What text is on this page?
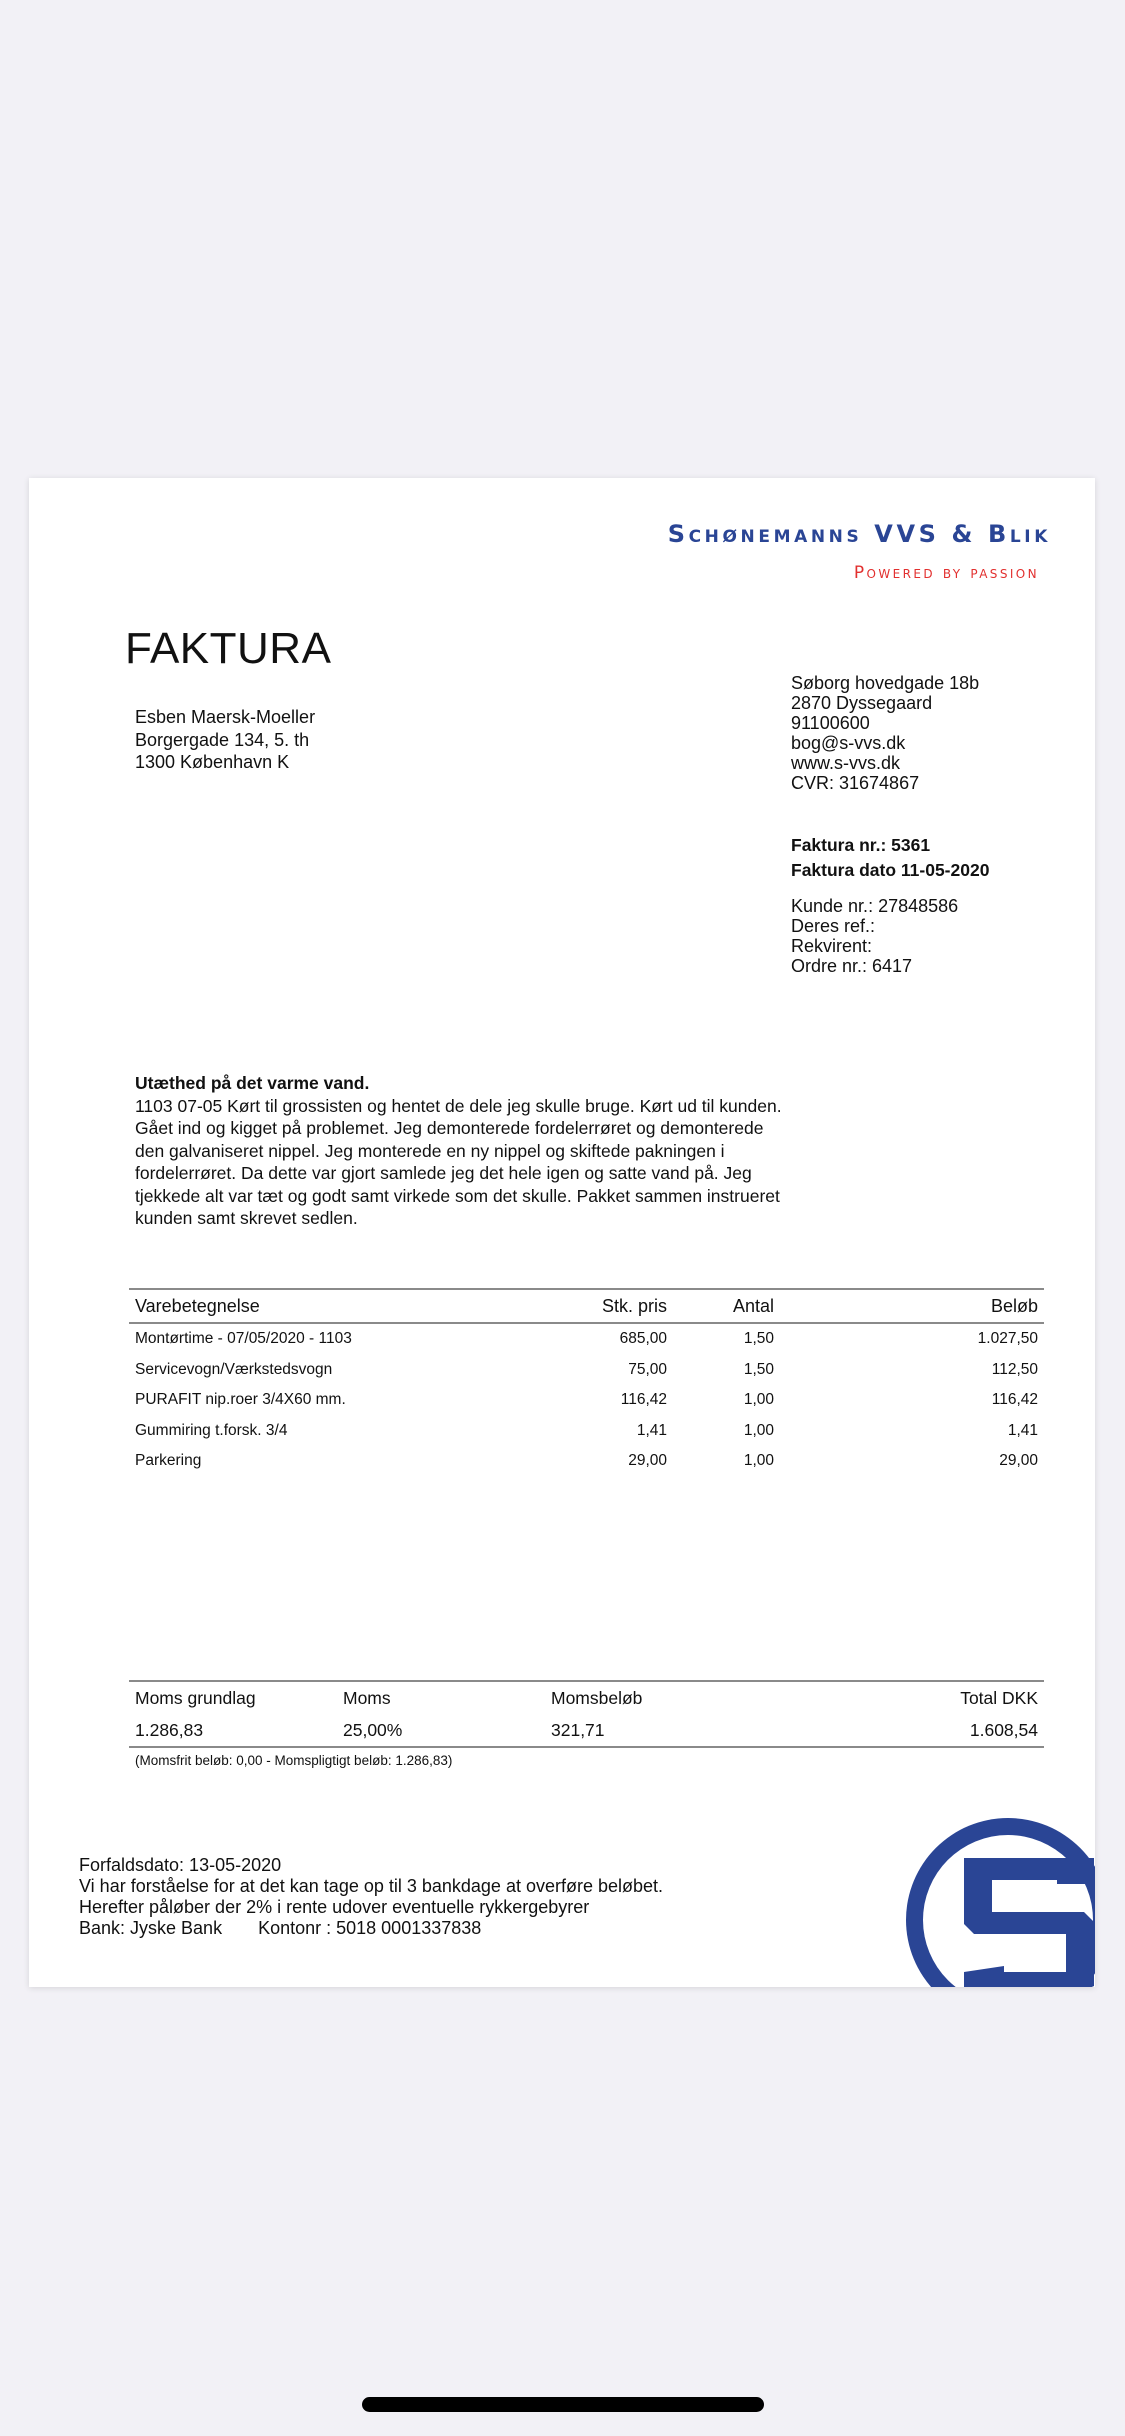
Schønemanns VVS & Blik
Powered by passion
FAKTURA
Esben Maersk-Moeller
Borgergade 134, 5. th
1300 København K
Søborg hovedgade 18b
2870 Dyssegaard
91100600
bog@s-vvs.dk
www.s-vvs.dk
CVR: 31674867
Faktura nr.: 5361
Faktura dato 11-05-2020
Kunde nr.: 27848586
Deres ref.:
Rekvirent:
Ordre nr.: 6417
Utæthed på det varme vand.
1103 07-05 Kørt til grossisten og hentet de dele jeg skulle bruge. Kørt ud til kunden. Gået ind og kigget på problemet. Jeg demonterede fordelerrøret og demonterede den galvaniseret nippel. Jeg monterede en ny nippel og skiftede pakningen i fordelerrøret. Da dette var gjort samlede jeg det hele igen og satte vand på. Jeg tjekkede alt var tæt og godt samt virkede som det skulle. Pakket sammen instrueret kunden samt skrevet sedlen.
Varebetegnelse	Stk. pris	Antal	Beløb
Montørtime - 07/05/2020 - 1103	685,00	1,50	1.027,50
Servicevogn/Værkstedsvogn	75,00	1,50	112,50
PURAFIT nip.roer 3/4X60 mm.	116,42	1,00	116,42
Gummiring t.forsk. 3/4	1,41	1,00	1,41
Parkering	29,00	1,00	29,00
Moms grundlag	Moms	Momsbeløb	Total DKK
1.286,83	25,00%	321,71	1.608,54
(Momsfrit beløb: 0,00 - Momspligtigt beløb: 1.286,83)
Forfaldsdato: 13-05-2020
Vi har forståelse for at det kan tage op til 3 bankdage at overføre beløbet.
Herefter påløber der 2% i rente udover eventuelle rykkergebyrer
Bank: Jyske Bank Kontonr : 5018 0001337838
